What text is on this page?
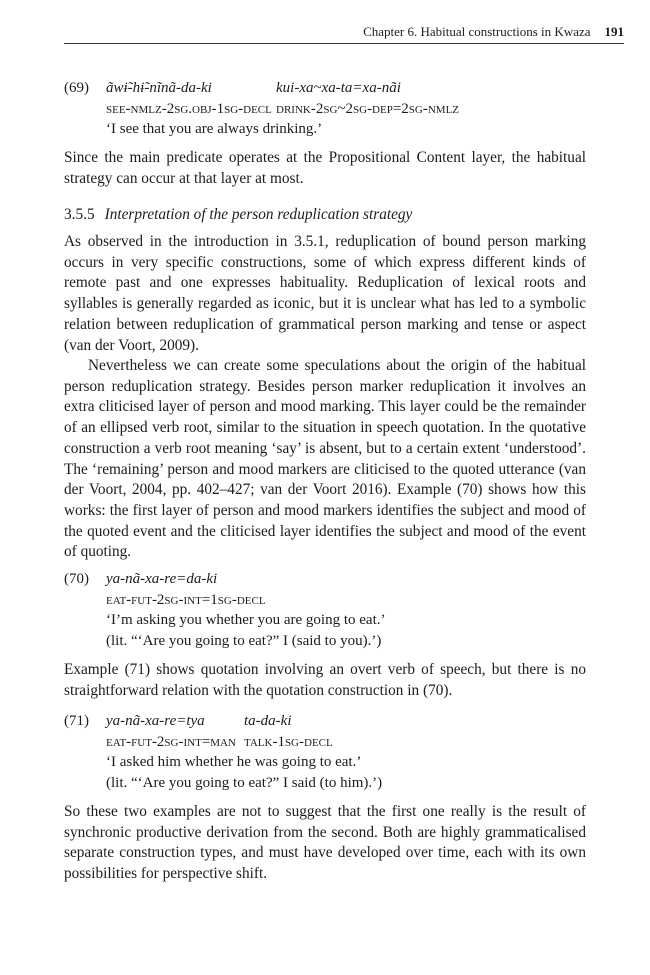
Chapter 6. Habitual constructions in Kwaza 191
(69) ãwɨ̃-hɨ̃-nĩnã-da-ki	kui-xa~xa-ta=xa-nãi
see-nmlz-2sg.obj-1sg-decl drink-2sg~2sg-dep=2sg-nmlz
‘I see that you are always drinking.’

Since the main predicate operates at the Propositional Content layer, the habitual strategy can occur at that layer at most.

3.5.5 Interpretation of the person reduplication strategy

As observed in the introduction in 3.5.1, reduplication of bound person marking occurs in very specific constructions, some of which express different kinds of remote past and one expresses habituality. Reduplication of lexical roots and syllables is generally regarded as iconic, but it is unclear what has led to a symbolic relation between reduplication of grammatical person marking and tense or aspect (van der Voort, 2009).

Nevertheless we can create some speculations about the origin of the habitual person reduplication strategy. Besides person marker reduplication it involves an extra cliticised layer of person and mood marking. This layer could be the remainder of an ellipsed verb root, similar to the situation in speech quotation. In the quotative construction a verb root meaning ‘say’ is absent, but to a certain extent ‘understood’. The ‘remaining’ person and mood markers are cliticised to the quoted utterance (van der Voort, 2004, pp. 402–427; van der Voort 2016). Example (70) shows how this works: the first layer of person and mood markers identifies the subject and mood of the quoted event and the cliticised layer identifies the subject and mood of the event of quoting.

(70) ya-nã-xa-re=da-ki
eat-fut-2sg-int=1sg-decl
‘I’m asking you whether you are going to eat.’
(lit. “‘Are you going to eat?” I (said to you).’)

Example (71) shows quotation involving an overt verb of speech, but there is no straightforward relation with the quotation construction in (70).

(71) ya-nã-xa-re=tya	ta-da-ki
eat-fut-2sg-int=man talk-1sg-decl
‘I asked him whether he was going to eat.’
(lit. “‘Are you going to eat?” I said (to him).’)

So these two examples are not to suggest that the first one really is the result of synchronic productive derivation from the second. Both are highly grammaticalised separate construction types, and must have developed over time, each with its own possibilities for perspective shift.
